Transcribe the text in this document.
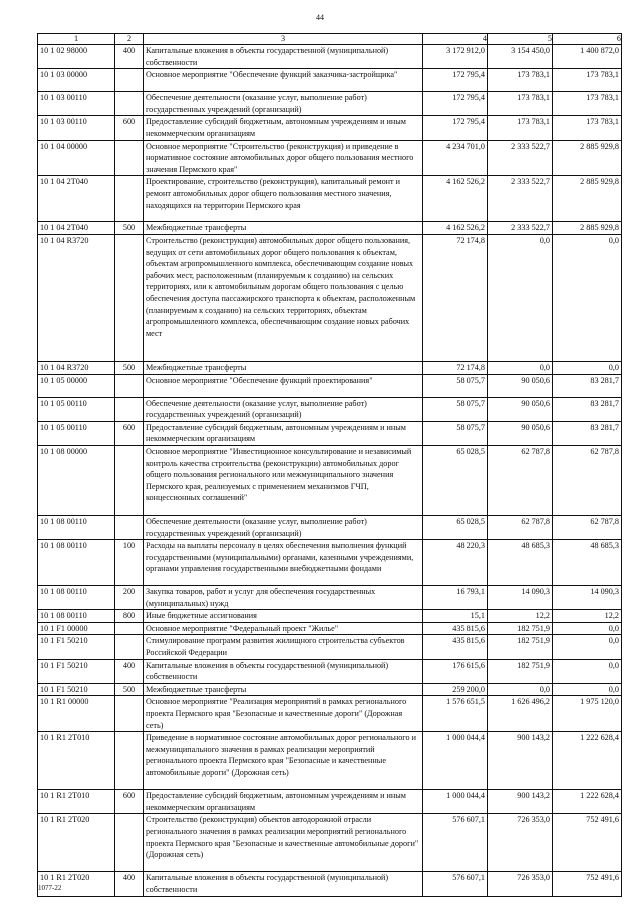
44
1	2	3	4	5	6
10 1 02 98000	400	Капитальные вложения в объекты государственной (муниципальной) собственности	3 172 912,0	3 154 450,0	1 400 872,0
10 1 03 00000		Основное мероприятие "Обеспечение функций заказчика-застройщика"	172 795,4	173 783,1	173 783,1
10 1 03 00110		Обеспечение деятельности (оказание услуг, выполнение работ) государственных учреждений (организаций)	172 795,4	173 783,1	173 783,1
10 1 03 00110	600	Предоставление субсидий бюджетным, автономным учреждениям и иным некоммерческим организациям	172 795,4	173 783,1	173 783,1
10 1 04 00000		Основное мероприятие "Строительство (реконструкция) и приведение в нормативное состояние автомобильных дорог общего пользования местного значения Пермского края"	4 234 701,0	2 333 522,7	2 885 929,8
10 1 04 2Т040		Проектирование, строительство (реконструкция), капитальный ремонт и ремонт автомобильных дорог общего пользования местного значения, находящихся на территории Пермского края	4 162 526,2	2 333 522,7	2 885 929,8
10 1 04 2Т040	500	Межбюджетные трансферты	4 162 526,2	2 333 522,7	2 885 929,8
10 1 04 R3720		Строительство (реконструкция) автомобильных дорог общего пользования, ведущих от сети автомобильных дорог общего пользования к объектам, объектам агропромышленного комплекса, обеспечивающим создание новых рабочих мест, расположенным (планируемым к созданию) на сельских территориях, или к автомобильным дорогам общего пользования с целью обеспечения доступа пассажирского транспорта к объектам, расположенным (планируемым к созданию) на сельских территориях, объектам агропромышленного комплекса, обеспечивающим создание новых рабочих мест	72 174,8	0,0	0,0
10 1 04 R3720	500	Межбюджетные трансферты	72 174,8	0,0	0,0
10 1 05 00000		Основное мероприятие "Обеспечение функций проектирования"	58 075,7	90 050,6	83 281,7
10 1 05 00110		Обеспечение деятельности (оказание услуг, выполнение работ) государственных учреждений (организаций)	58 075,7	90 050,6	83 281,7
10 1 05 00110	600	Предоставление субсидий бюджетным, автономным учреждениям и иным некоммерческим организациям	58 075,7	90 050,6	83 281,7
10 1 08 00000		Основное мероприятие "Инвестиционное консультирование и независимый контроль качества строительства (реконструкции) автомобильных дорог общего пользования регионального или межмуниципального значения Пермского края, реализуемых с применением механизмов ГЧП, концессионных соглашений"	65 028,5	62 787,8	62 787,8
10 1 08 00110		Обеспечение деятельности (оказание услуг, выполнение работ) государственных учреждений (организаций)	65 028,5	62 787,8	62 787,8
10 1 08 00110	100	Расходы на выплаты персоналу в целях обеспечения выполнения функций государственными (муниципальными) органами, казенными учреждениями, органами управления государственными внебюджетными фондами	48 220,3	48 685,3	48 685,3
10 1 08 00110	200	Закупка товаров, работ и услуг для обеспечения государственных (муниципальных) нужд	16 793,1	14 090,3	14 090,3
10 1 08 00110	800	Иные бюджетные ассигнования	15,1	12,2	12,2
10 1 F1 00000		Основное мероприятие "Федеральный проект "Жилье"	435 815,6	182 751,9	0,0
10 1 F1 50210		Стимулирование программ развития жилищного строительства субъектов Российской Федерации	435 815,6	182 751,9	0,0
10 1 F1 50210	400	Капитальные вложения в объекты государственной (муниципальной) собственности	176 615,6	182 751,9	0,0
10 1 F1 50210	500	Межбюджетные трансферты	259 200,0	0,0	0,0
10 1 R1 00000		Основное мероприятие "Реализация мероприятий в рамках регионального проекта Пермского края "Безопасные и качественные дороги" (Дорожная сеть)	1 576 651,5	1 626 496,2	1 975 120,0
10 1 R1 2Т010		Приведение в нормативное состояние автомобильных дорог регионального и межмуниципального значения в рамках реализации мероприятий регионального проекта Пермского края "Безопасные и качественные автомобильные дороги" (Дорожная сеть)	1 000 044,4	900 143,2	1 222 628,4
10 1 R1 2Т010	600	Предоставление субсидий бюджетным, автономным учреждениям и иным некоммерческим организациям	1 000 044,4	900 143,2	1 222 628,4
10 1 R1 2Т020		Строительство (реконструкция) объектов автодорожной отрасли регионального значения в рамках реализации мероприятий регионального проекта Пермского края "Безопасные и качественные автомобильные дороги" (Дорожная сеть)	576 607,1	726 353,0	752 491,6
10 1 R1 2Т020	400	Капитальные вложения в объекты государственной (муниципальной) собственности	576 607,1	726 353,0	752 491,6
1077-22
